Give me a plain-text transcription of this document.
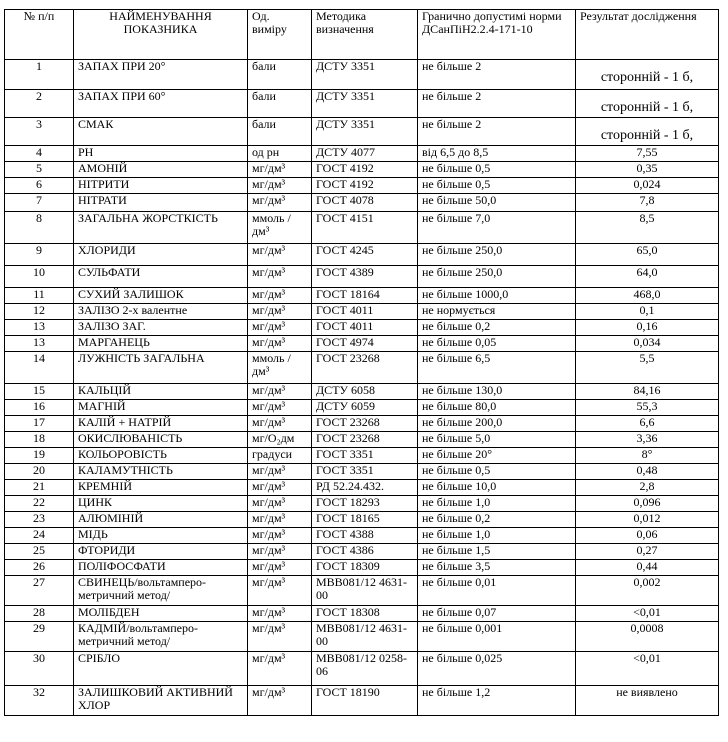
№ п/п	НАЙМЕНУВАННЯ ПОКАЗНИКА	Од. виміру	Методика визначення	Гранично допустимі норми ДСанПіН2.2.4-171-10	Результат дослідження
1	ЗАПАХ ПРИ 20°	бали	ДСТУ 3351	не більше 2	сторонній - 1 б,
2	ЗАПАХ ПРИ 60°	бали	ДСТУ 3351	не більше 2	сторонній - 1 б,
3	СМАК	бали	ДСТУ 3351	не більше 2	сторонній - 1 б,
4	PH	од рн	ДСТУ 4077	від 6,5 до 8,5	7,55
5	АМОНІЙ	мг/дм³	ГОСТ 4192	не більше 0,5	0,35
6	НІТРИТИ	мг/дм³	ГОСТ 4192	не більше 0,5	0,024
7	НІТРАТИ	мг/дм³	ГОСТ 4078	не більше 50,0	7,8
8	ЗАГАЛЬНА ЖОРСТКІСТЬ	ммоль /дм³	ГОСТ 4151	не більше 7,0	8,5
9	ХЛОРИДИ	мг/дм³	ГОСТ 4245	не більше 250,0	65,0
10	СУЛЬФАТИ	мг/дм³	ГОСТ 4389	не більше 250,0	64,0
11	СУХИЙ ЗАЛИШОК	мг/дм³	ГОСТ 18164	не більше 1000,0	468,0
12	ЗАЛІЗО 2-х валентне	мг/дм³	ГОСТ 4011	не нормується	0,1
13	ЗАЛІЗО ЗАГ.	мг/дм³	ГОСТ 4011	не більше 0,2	0,16
13	МАРГАНЕЦЬ	мг/дм³	ГОСТ 4974	не більше 0,05	0,034
14	ЛУЖНІСТЬ ЗАГАЛЬНА	ммоль /дм³	ГОСТ 23268	не більше 6,5	5,5
15	КАЛЬЦІЙ	мг/дм³	ДСТУ 6058	не більше 130,0	84,16
16	МАГНІЙ	мг/дм³	ДСТУ 6059	не більше 80,0	55,3
17	КАЛІЙ + НАТРІЙ	мг/дм³	ГОСТ 23268	не більше 200,0	6,6
18	ОКИСЛЮВАНІСТЬ	мг/О₂дм	ГОСТ 23268	не більше 5,0	3,36
19	КОЛЬОРОВІСТЬ	градуси	ГОСТ 3351	не більше 20°	8°
20	КАЛАМУТНІСТЬ	мг/дм³	ГОСТ 3351	не більше 0,5	0,48
21	КРЕМНІЙ	мг/дм³	РД 52.24.432.	не більше 10,0	2,8
22	ЦИНК	мг/дм³	ГОСТ 18293	не більше 1,0	0,096
23	АЛЮМІНІЙ	мг/дм³	ГОСТ 18165	не більше 0,2	0,012
24	МІДЬ	мг/дм³	ГОСТ 4388	не більше 1,0	0,06
25	ФТОРИДИ	мг/дм³	ГОСТ 4386	не більше 1,5	0,27
26	ПОЛІФОСФАТИ	мг/дм³	ГОСТ 18309	не більше 3,5	0,44
27	СВИНЕЦЬ/вольтамперо-метричний метод/	мг/дм³	МВВ081/12 4631-00	не більше 0,01	0,002
28	МОЛІБДЕН	мг/дм³	ГОСТ 18308	не більше 0,07	<0,01
29	КАДМІЙ/вольтамперо-метричний метод/	мг/дм³	МВВ081/12 4631-00	не більше 0,001	0,0008
30	СРІБЛО	мг/дм³	МВВ081/12 0258-06	не більше 0,025	<0,01
32	ЗАЛИШКОВИЙ АКТИВНИЙ ХЛОР	мг/дм³	ГОСТ 18190	не більше 1,2	не виявлено
